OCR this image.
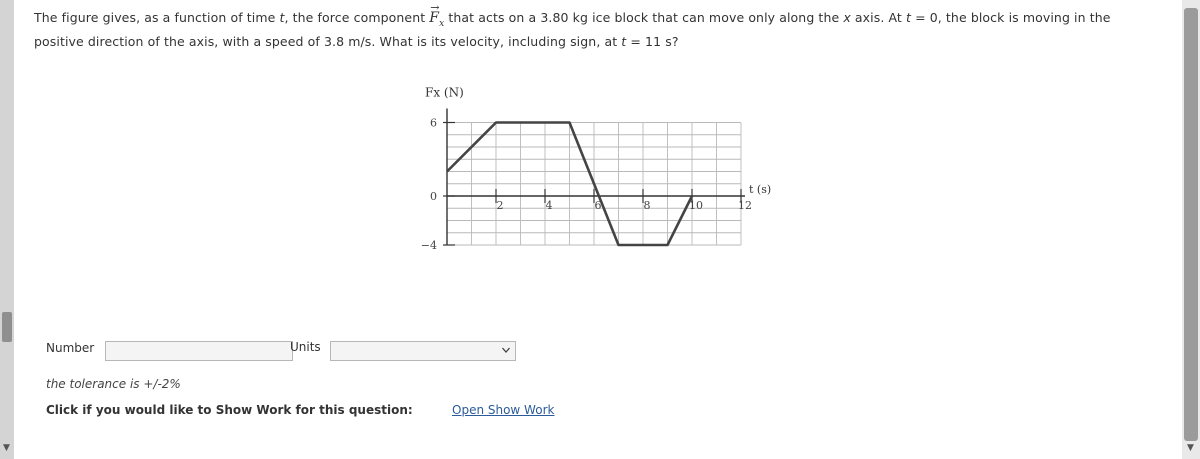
▼
The figure gives, as a function of time t, the force component → $F_x$ that acts on a 3.80 kg ice block that can move only along the x axis. At t = 0, the block is moving in the positive direction of the axis, with a speed of 3.8 m/s. What is its velocity, including sign, at t = 11 s?
2	4	6	8	10	12
6
0
−4
Fx (N)
t (s)
Number	Units
the tolerance is +/-2%
Click if you would like to Show Work for this question:	Open Show Work
▼
